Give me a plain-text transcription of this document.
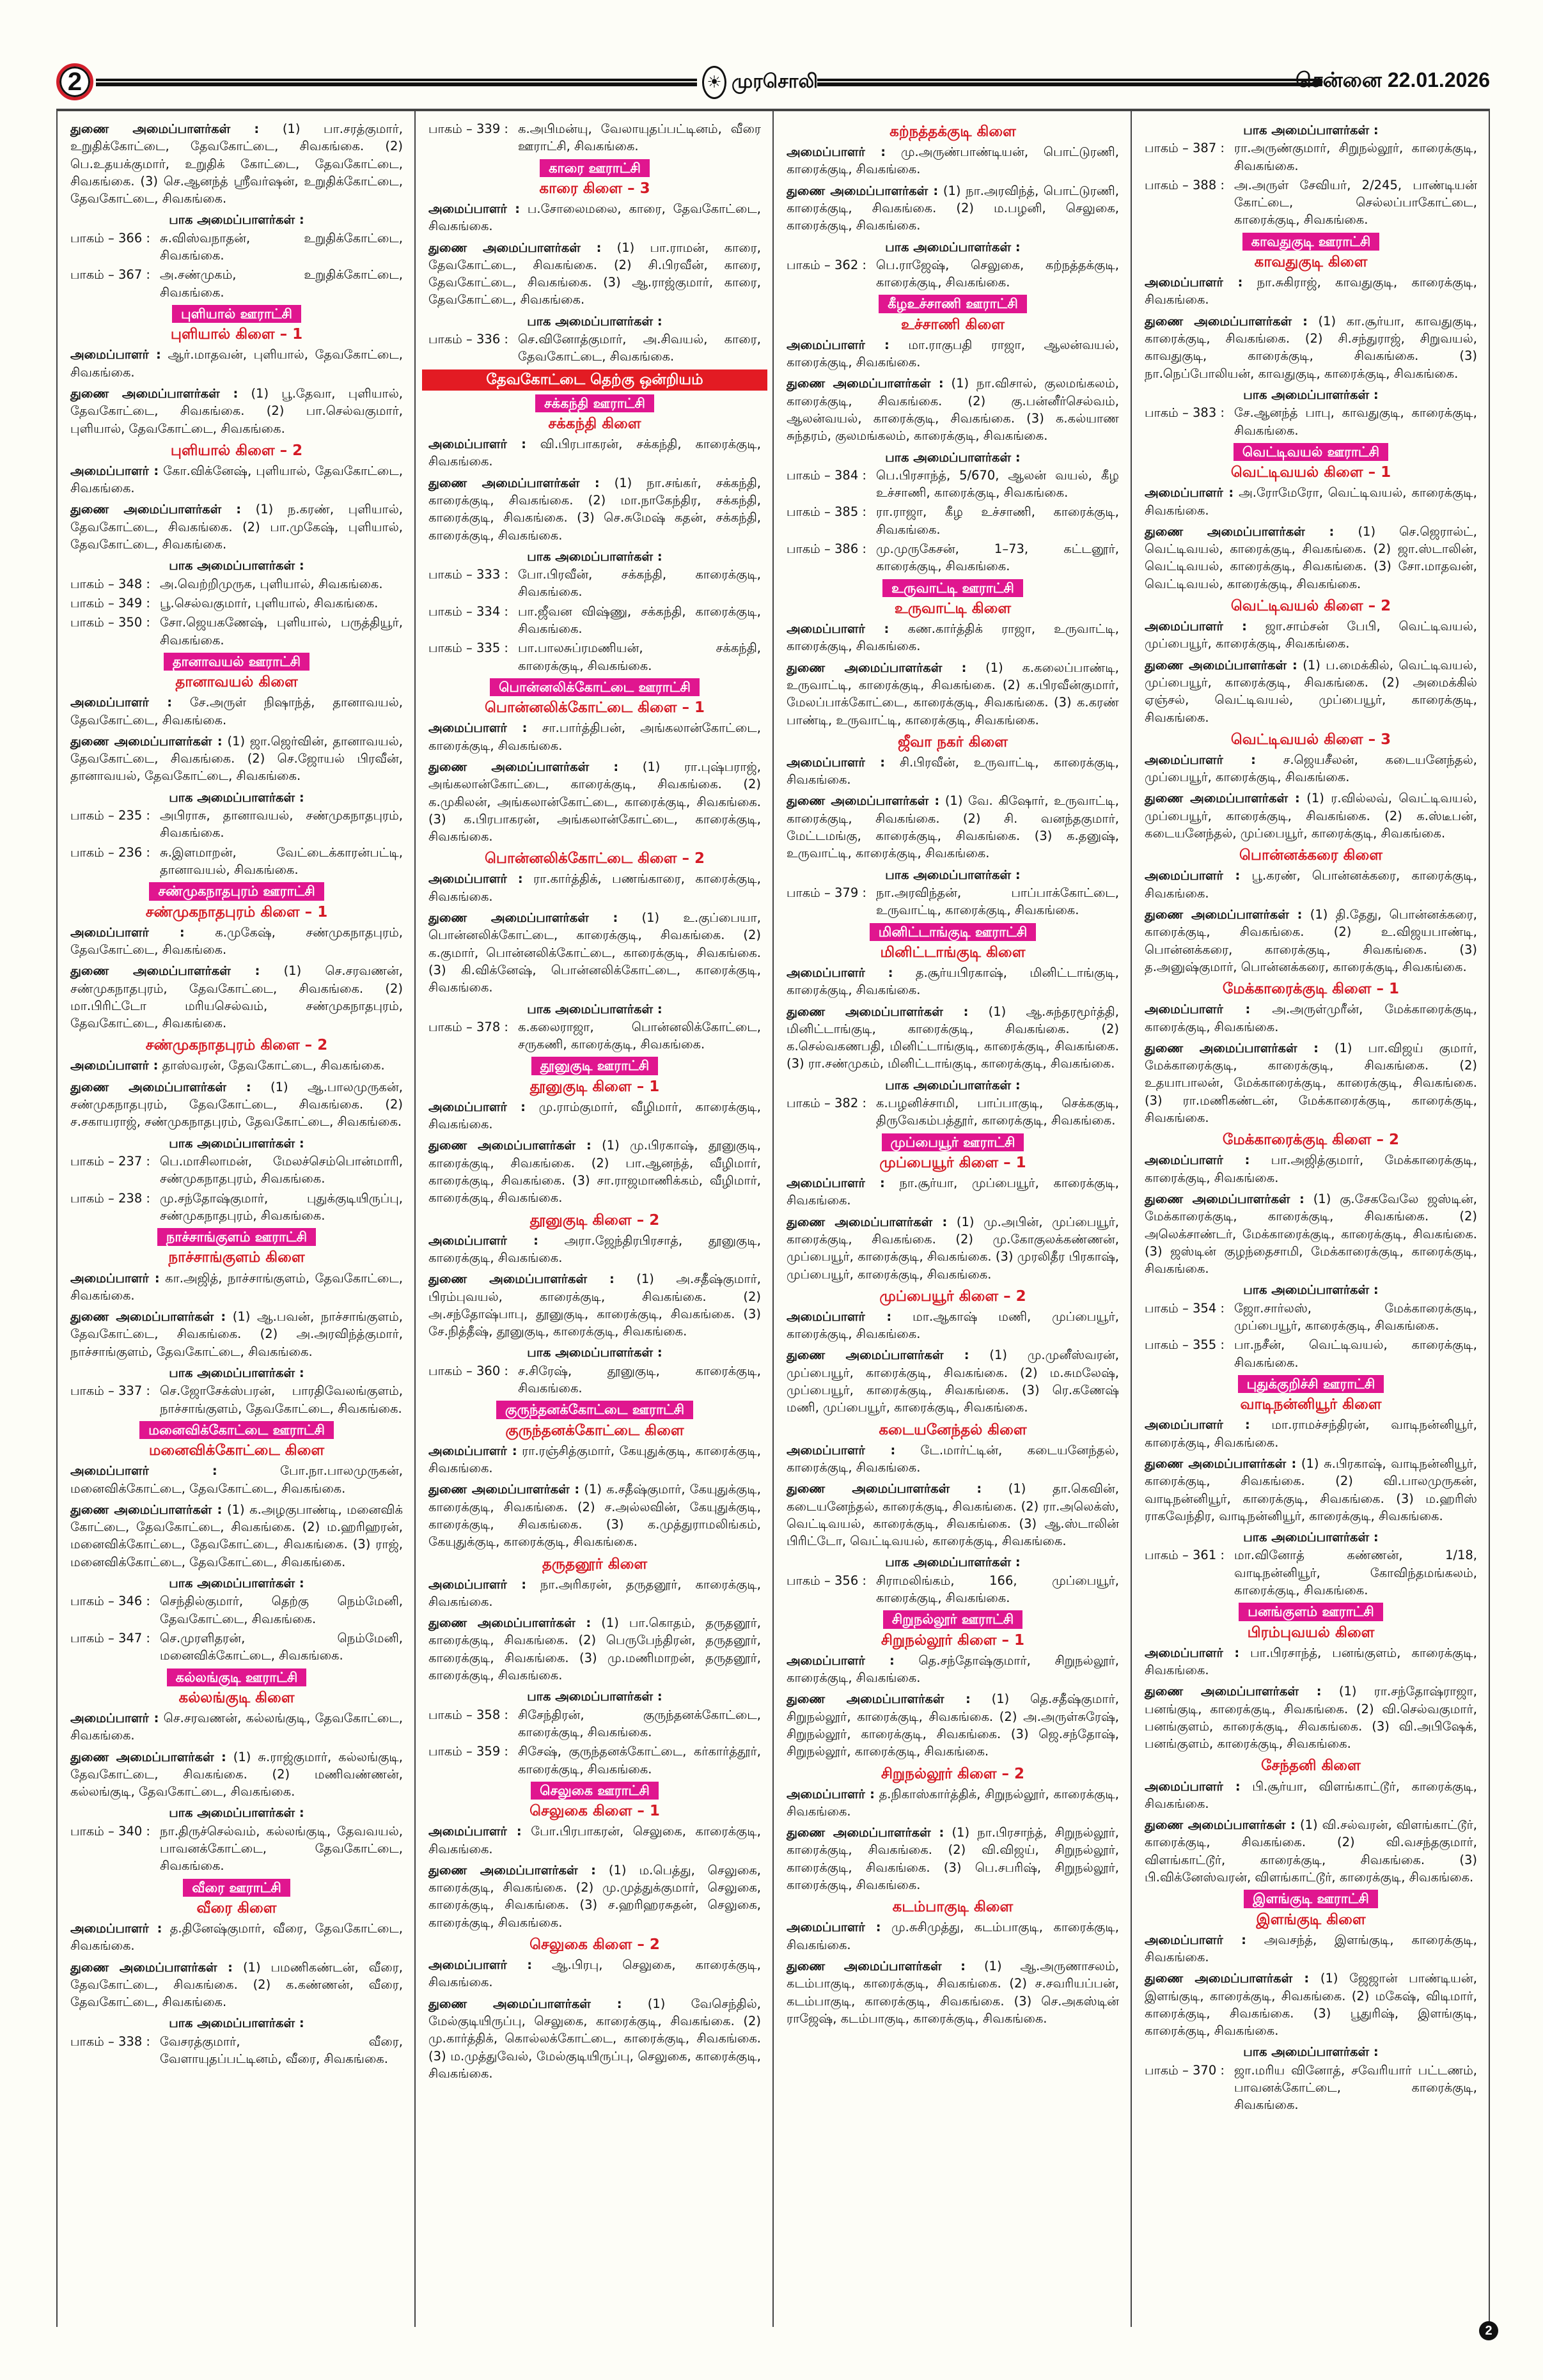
2	☀ முரசொலி	சென்னை 22.01.2026
துணை அமைப்பாளர்கள் : (1) பா.சரத்குமார், உறுதிக்கோட்டை, தேவகோட்டை, சிவகங்கை. (2) பெ.உதயக்குமார், உறுதிக் கோட்டை, தேவகோட்டை, சிவகங்கை. (3) செ.ஆனந்த் ஸ்ரீவர்ஷன், உறுதிக்கோட்டை, தேவகோட்டை, சிவகங்கை.
பாக அமைப்பாளர்கள் :
பாகம் – 366 : சு.விஸ்வநாதன், உறுதிக்கோட்டை, சிவகங்கை.
பாகம் – 367 : அ.சண்முகம், உறுதிக்கோட்டை, சிவகங்கை.
புளியால் ஊராட்சி
புளியால் கிளை – 1
அமைப்பாளர் : ஆர்.மாதவன், புளியால், தேவகோட்டை, சிவகங்கை.
துணை அமைப்பாளர்கள் : (1) பூ.தேவா, புளியால், தேவகோட்டை, சிவகங்கை. (2) பா.செல்வகுமார், புளியால், தேவகோட்டை, சிவகங்கை.
புளியால் கிளை – 2
அமைப்பாளர் : கோ.விக்னேஷ், புளியால், தேவகோட்டை, சிவகங்கை.
துணை அமைப்பாளர்கள் : (1) ந.கரண், புளியால், தேவகோட்டை, சிவகங்கை. (2) பா.முகேஷ், புளியால், தேவகோட்டை, சிவகங்கை.
பாக அமைப்பாளர்கள் :
பாகம் – 348 : அ.வெற்றிமுருக, புளியால், சிவகங்கை.
பாகம் – 349 : பூ.செல்வகுமார், புளியால், சிவகங்கை.
பாகம் – 350 : சோ.ஜெயகணேஷ், புளியால், பருத்தியூர், சிவகங்கை.
தானாவயல் ஊராட்சி
தானாவயல் கிளை
அமைப்பாளர் : சே.அருள் நிஷாந்த், தானாவயல், தேவகோட்டை, சிவகங்கை.
துணை அமைப்பாளர்கள் : (1) ஜா.ஜெர்வின், தானாவயல், தேவகோட்டை, சிவகங்கை. (2) செ.ஜோயல் பிரவீன், தானாவயல், தேவகோட்டை, சிவகங்கை.
பாக அமைப்பாளர்கள் :
பாகம் – 235 : அபிராசு, தானாவயல், சண்முகநாதபுரம், சிவகங்கை.
பாகம் – 236 : சு.இளமாறன், வேட்டைக்காரன்பட்டி, தானாவயல், சிவகங்கை.
சண்முகநாதபுரம் ஊராட்சி
சண்முகநாதபுரம் கிளை – 1
அமைப்பாளர் : க.முகேஷ், சண்முகநாதபுரம், தேவகோட்டை, சிவகங்கை.
துணை அமைப்பாளர்கள் : (1) செ.சரவணன், சண்முகநாதபுரம், தேவகோட்டை, சிவகங்கை. (2) மா.பிரிட்டோ மரியசெல்வம், சண்முகநாதபுரம், தேவகோட்டை, சிவகங்கை.
சண்முகநாதபுரம் கிளை – 2
அமைப்பாளர் : தாஸ்வரன், தேவகோட்டை, சிவகங்கை.
துணை அமைப்பாளர்கள் : (1) ஆ.பாலமுருகன், சண்முகநாதபுரம், தேவகோட்டை, சிவகங்கை. (2) ச.சகாயராஜ், சண்முகநாதபுரம், தேவகோட்டை, சிவகங்கை.
பாக அமைப்பாளர்கள் :
பாகம் – 237 : பெ.மாசிலாமன், மேலச்செம்பொன்மாரி, சண்முகநாதபுரம், சிவகங்கை.
பாகம் – 238 : மு.சந்தோஷ்குமார், புதுக்குடியிருப்பு, சண்முகநாதபுரம், சிவகங்கை.
நாச்சாங்குளம் ஊராட்சி
நாச்சாங்குளம் கிளை
அமைப்பாளர் : கா.அஜித், நாச்சாங்குளம், தேவகோட்டை, சிவகங்கை.
துணை அமைப்பாளர்கள் : (1) ஆ.பவன், நாச்சாங்குளம், தேவகோட்டை, சிவகங்கை. (2) அ.அரவிந்த்குமார், நாச்சாங்குளம், தேவகோட்டை, சிவகங்கை.
பாக அமைப்பாளர்கள் :
பாகம் – 337 : செ.ஜோசேக்ஸ்பரன், பாரதிவேலங்குளம், நாச்சாங்குளம், தேவகோட்டை, சிவகங்கை.
மனைவிக்கோட்டை ஊராட்சி
மனைவிக்கோட்டை கிளை
அமைப்பாளர் :	போ.நா.பாலமுருகன், மனைவிக்கோட்டை, தேவகோட்டை, சிவகங்கை.
துணை அமைப்பாளர்கள் : (1) க.அழகுபாண்டி, மனைவிக் கோட்டை, தேவகோட்டை, சிவகங்கை. (2) ம.ஹரிஹரன், மனைவிக்கோட்டை, தேவகோட்டை, சிவகங்கை. (3) ராஜ், மனைவிக்கோட்டை, தேவகோட்டை, சிவகங்கை.
பாக அமைப்பாளர்கள் :
பாகம் – 346 : செந்தில்குமார், தெற்கு நெம்மேனி, தேவகோட்டை, சிவகங்கை.
பாகம் – 347 : செ.முரளிதரன், நெம்மேனி, மனைவிக்கோட்டை, சிவகங்கை.
கல்லங்குடி ஊராட்சி
கல்லங்குடி கிளை
அமைப்பாளர் : செ.சரவணன், கல்லங்குடி, தேவகோட்டை, சிவகங்கை.
துணை அமைப்பாளர்கள் : (1) சு.ராஜ்குமார், கல்லங்குடி, தேவகோட்டை, சிவகங்கை. (2) மணிவண்ணன், கல்லங்குடி, தேவகோட்டை, சிவகங்கை.
பாக அமைப்பாளர்கள் :
பாகம் – 340 : நா.திருச்செல்வம், கல்லங்குடி, தேவவயல், பாவனக்கோட்டை, தேவகோட்டை, சிவகங்கை.
வீரை ஊராட்சி
வீரை கிளை
அமைப்பாளர் : த.தினேஷ்குமார், வீரை, தேவகோட்டை, சிவகங்கை.
துணை அமைப்பாளர்கள் : (1) பமணிகண்டன், வீரை, தேவகோட்டை, சிவகங்கை. (2) க.கண்ணன், வீரை, தேவகோட்டை, சிவகங்கை.
பாக அமைப்பாளர்கள் :
பாகம் – 338 : வேசரத்குமார், வீரை, வேளாயுதப்பட்டினம், வீரை, சிவகங்கை.
பாகம் – 339 : க.அபிமன்யு, வேலாயுதப்பட்டினம், வீரை ஊராட்சி, சிவகங்கை.
காரை ஊராட்சி
காரை கிளை – 3
அமைப்பாளர் : ப.சோலைமலை, காரை, தேவகோட்டை, சிவகங்கை.
துணை அமைப்பாளர்கள் : (1) பா.ராமன், காரை, தேவகோட்டை, சிவகங்கை. (2) சி.பிரவீன், காரை, தேவகோட்டை, சிவகங்கை. (3) ஆ.ராஜ்குமார், காரை, தேவகோட்டை, சிவகங்கை.
பாக அமைப்பாளர்கள் :
பாகம் – 336 : செ.வினோத்குமார், அ.சிவயல், காரை, தேவகோட்டை, சிவகங்கை.
தேவகோட்டை தெற்கு ஒன்றியம்
சக்கந்தி ஊராட்சி
சக்கந்தி கிளை
அமைப்பாளர் : வி.பிரபாகரன், சக்கந்தி, காரைக்குடி, சிவகங்கை.
துணை அமைப்பாளர்கள் : (1) நா.சங்கர், சக்கந்தி, காரைக்குடி, சிவகங்கை. (2) மா.நாகேந்திர, சக்கந்தி, காரைக்குடி, சிவகங்கை. (3) செ.சுமேஷ் கதன், சக்கந்தி, காரைக்குடி, சிவகங்கை.
பாக அமைப்பாளர்கள் :
பாகம் – 333 : போ.பிரவீன், சக்கந்தி, காரைக்குடி, சிவகங்கை.
பாகம் – 334 : பா.ஜீவன விஷ்ணு, சக்கந்தி, காரைக்குடி, சிவகங்கை.
பாகம் – 335 : பா.பாலசுப்ரமணியன், சக்கந்தி, காரைக்குடி, சிவகங்கை.
பொன்னலிக்கோட்டை ஊராட்சி
பொன்னலிக்கோட்டை கிளை – 1
அமைப்பாளர் : சா.பார்த்திபன், அங்கலான்கோட்டை, காரைக்குடி, சிவகங்கை.
துணை அமைப்பாளர்கள் : (1) ரா.புஷ்பராஜ், அங்கலான்கோட்டை, காரைக்குடி, சிவகங்கை. (2) க.முகிலன், அங்கலான்கோட்டை, காரைக்குடி, சிவகங்கை. (3) க.பிரபாகரன், அங்கலான்கோட்டை, காரைக்குடி, சிவகங்கை.
பொன்னலிக்கோட்டை கிளை – 2
அமைப்பாளர் : ரா.கார்த்திக், பணங்காரை, காரைக்குடி, சிவகங்கை.
துணை அமைப்பாளர்கள் : (1) உ.குப்பையா, பொன்னலிக்கோட்டை, காரைக்குடி, சிவகங்கை. (2) க.குமார், பொன்னலிக்கோட்டை, காரைக்குடி, சிவகங்கை. (3) கி.விக்னேஷ், பொன்னலிக்கோட்டை, காரைக்குடி, சிவகங்கை.
பாக அமைப்பாளர்கள் :
பாகம் – 378 : க.கலைராஜா, பொன்னலிக்கோட்டை, சருகணி, காரைக்குடி, சிவகங்கை.
தூனுகுடி ஊராட்சி
தூனுகுடி கிளை – 1
அமைப்பாளர் : மு.ராம்குமார், வீழிமார், காரைக்குடி, சிவகங்கை.
துணை அமைப்பாளர்கள் : (1) மு.பிரகாஷ், தூனுகுடி, காரைக்குடி, சிவகங்கை. (2) பா.ஆனந்த், வீழிமார், காரைக்குடி, சிவகங்கை. (3) சா.ராஜமாணிக்கம், வீழிமார், காரைக்குடி, சிவகங்கை.
தூனுகுடி கிளை – 2
அமைப்பாளர் : அரா.ஜேந்திரபிரசாத், தூனுகுடி, காரைக்குடி, சிவகங்கை.
துணை அமைப்பாளர்கள் : (1) அ.சதீஷ்குமார், பிரம்புவயல், காரைக்குடி, சிவகங்கை. (2) அ.சந்தோஷ்பாபு, தூனுகுடி, காரைக்குடி, சிவகங்கை. (3) சே.நித்தீஷ், தூனுகுடி, காரைக்குடி, சிவகங்கை.
பாக அமைப்பாளர்கள் :
பாகம் – 360 : ச.சிரேஷ், தூனுகுடி, காரைக்குடி, சிவகங்கை.
குருந்தனக்கோட்டை ஊராட்சி
குருந்தனக்கோட்டை கிளை
அமைப்பாளர் : ரா.ரஞ்சித்குமார், கேயுதுக்குடி, காரைக்குடி, சிவகங்கை.
துணை அமைப்பாளர்கள் : (1) க.சதீஷ்குமார், கேயுதுக்குடி, காரைக்குடி, சிவகங்கை. (2) ச.அல்லவின், கேயுதுக்குடி, காரைக்குடி, சிவகங்கை. (3) க.முத்துராமலிங்கம், கேயுதுக்குடி, காரைக்குடி, சிவகங்கை.
தருதனூர் கிளை
அமைப்பாளர் : நா.அரிகரன், தருதனூர், காரைக்குடி, சிவகங்கை.
துணை அமைப்பாளர்கள் : (1) பா.கொதம், தருதனூர், காரைக்குடி, சிவகங்கை. (2) பெருபேந்திரன், தருதனூர், காரைக்குடி, சிவகங்கை. (3) மு.மணிமாறன், தருதனூர், காரைக்குடி, சிவகங்கை.
பாக அமைப்பாளர்கள் :
பாகம் – 358 : சிசேந்திரன், குருந்தனக்கோட்டை, காரைக்குடி, சிவகங்கை.
பாகம் – 359 : சிசேஷ், குருந்தனக்கோட்டை, கர்கார்த்தூர், காரைக்குடி, சிவகங்கை.
செலுகை ஊராட்சி
செலுகை கிளை – 1
அமைப்பாளர் : போ.பிரபாகரன், செலுகை, காரைக்குடி, சிவகங்கை.
துணை அமைப்பாளர்கள் : (1) ம.பெத்து, செலுகை, காரைக்குடி, சிவகங்கை. (2) மு.முத்துக்குமார், செலுகை, காரைக்குடி, சிவகங்கை. (3) ச.ஹரிஹரசுதன், செலுகை, காரைக்குடி, சிவகங்கை.
செலுகை கிளை – 2
அமைப்பாளர் : ஆ.பிரபு, செலுகை, காரைக்குடி, சிவகங்கை.
துணை அமைப்பாளர்கள் : (1) வேசெந்தில், மேல்குடியிருப்பு, செலுகை, காரைக்குடி, சிவகங்கை. (2) மு.கார்த்திக், கொல்லக்கோட்டை, காரைக்குடி, சிவகங்கை. (3) ம.முத்துவேல், மேல்குடியிருப்பு, செலுகை, காரைக்குடி, சிவகங்கை.
கற்நத்தக்குடி கிளை
அமைப்பாளர் : மு.அருண்பாண்டியன், பொட்டுரணி, காரைக்குடி, சிவகங்கை.
துணை அமைப்பாளர்கள் : (1) நா.அரவிந்த், பொட்டுரணி, காரைக்குடி, சிவகங்கை. (2) ம.பழனி, செலுகை, காரைக்குடி, சிவகங்கை.
பாக அமைப்பாளர்கள் :
பாகம் – 362 : பெ.ராஜேஷ், செலுகை, கற்நத்தக்குடி, காரைக்குடி, சிவகங்கை.
கீழஉச்சாணி ஊராட்சி
உச்சாணி கிளை
அமைப்பாளர் : மா.ராகுபதி ராஜா, ஆலன்வயல், காரைக்குடி, சிவகங்கை.
துணை அமைப்பாளர்கள் : (1) நா.விசால், குலமங்கலம், காரைக்குடி, சிவகங்கை. (2) கு.பன்னீர்செல்வம், ஆலன்வயல், காரைக்குடி, சிவகங்கை. (3) க.கல்யாண சுந்தரம், குலமங்கலம், காரைக்குடி, சிவகங்கை.
பாக அமைப்பாளர்கள் :
பாகம் – 384 : பெ.பிரசாந்த், 5/670, ஆலன் வயல், கீழ உச்சாணி, காரைக்குடி, சிவகங்கை.
பாகம் – 385 : ரா.ராஜா, கீழ உச்சாணி, காரைக்குடி, சிவகங்கை.
பாகம் – 386 : மு.முருகேசன், 1–73, கட்டனூர், காரைக்குடி, சிவகங்கை.
உருவாட்டி ஊராட்சி
உருவாட்டி கிளை
அமைப்பாளர் : கண.கார்த்திக் ராஜா, உருவாட்டி, காரைக்குடி, சிவகங்கை.
துணை அமைப்பாளர்கள் : (1) க.கலைப்பாண்டி, உருவாட்டி, காரைக்குடி, சிவகங்கை. (2) க.பிரவீன்குமார், மேலப்பாக்கோட்டை, காரைக்குடி, சிவகங்கை. (3) க.கரண் பாண்டி, உருவாட்டி, காரைக்குடி, சிவகங்கை.
ஜீவா நகர் கிளை
அமைப்பாளர் : சி.பிரவீன், உருவாட்டி, காரைக்குடி, சிவகங்கை.
துணை அமைப்பாளர்கள் : (1) வே. கிஷோர், உருவாட்டி, காரைக்குடி, சிவகங்கை. (2) சி. வனந்தகுமார், மேட்டமங்கு, காரைக்குடி, சிவகங்கை. (3) க.தனுஷ், உருவாட்டி, காரைக்குடி, சிவகங்கை.
பாக அமைப்பாளர்கள் :
பாகம் – 379 : நா.அரவிந்தன், பாப்பாக்கோட்டை, உருவாட்டி, காரைக்குடி, சிவகங்கை.
மினிட்டாங்குடி ஊராட்சி
மினிட்டாங்குடி கிளை
அமைப்பாளர் : த.சூர்யபிரகாஷ், மினிட்டாங்குடி, காரைக்குடி, சிவகங்கை.
துணை அமைப்பாளர்கள் : (1) ஆ.சுந்தரமூர்த்தி, மினிட்டாங்குடி, காரைக்குடி, சிவகங்கை. (2) க.செல்வகணபதி, மினிட்டாங்குடி, காரைக்குடி, சிவகங்கை. (3) ரா.சண்முகம், மினிட்டாங்குடி, காரைக்குடி, சிவகங்கை.
பாக அமைப்பாளர்கள் :
பாகம் – 382 : க.பழனிச்சாமி, பாப்பாகுடி, செக்ககுடி, திருவேகம்பத்தூர், காரைக்குடி, சிவகங்கை.
முப்பையூர் ஊராட்சி
முப்பையூர் கிளை – 1
அமைப்பாளர் : நா.சூர்யா, முப்பையூர், காரைக்குடி, சிவகங்கை.
துணை அமைப்பாளர்கள் : (1) மு.அபின், முப்பையூர், காரைக்குடி, சிவகங்கை. (2) மு.கோகுலக்கண்ணன், முப்பையூர், காரைக்குடி, சிவகங்கை. (3) முரலிதீர பிரகாஷ், முப்பையூர், காரைக்குடி, சிவகங்கை.
முப்பையூர் கிளை – 2
அமைப்பாளர் : மா.ஆகாஷ் மணி, முப்பையூர், காரைக்குடி, சிவகங்கை.
துணை அமைப்பாளர்கள் : (1) மு.முனீஸ்வரன், முப்பையூர், காரைக்குடி, சிவகங்கை. (2) ம.சுமலேஷ், முப்பையூர், காரைக்குடி, சிவகங்கை. (3) ரெ.கணேஷ் மணி, முப்பையூர், காரைக்குடி, சிவகங்கை.
கடையனேந்தல் கிளை
அமைப்பாளர் : டே.மார்ட்டின், கடையனேந்தல், காரைக்குடி, சிவகங்கை.
துணை அமைப்பாளர்கள் : (1) தா.கெவின், கடையனேந்தல், காரைக்குடி, சிவகங்கை. (2) ரா.அலெக்ஸ், வெட்டிவயல், காரைக்குடி, சிவகங்கை. (3) ஆ.ஸ்டாலின் பிரிட்டோ, வெட்டிவயல், காரைக்குடி, சிவகங்கை.
பாக அமைப்பாளர்கள் :
பாகம் – 356 : சிராமலிங்கம், 166, முப்பையூர், காரைக்குடி, சிவகங்கை.
சிறுநல்லூர் ஊராட்சி
சிறுநல்லூர் கிளை – 1
அமைப்பாளர் : தெ.சந்தோஷ்குமார், சிறுநல்லூர், காரைக்குடி, சிவகங்கை.
துணை அமைப்பாளர்கள் : (1) தெ.சதீஷ்குமார், சிறுநல்லூர், காரைக்குடி, சிவகங்கை. (2) அ.அருள்சுரேஷ், சிறுநல்லூர், காரைக்குடி, சிவகங்கை. (3) ஜெ.சந்தோஷ், சிறுநல்லூர், காரைக்குடி, சிவகங்கை.
சிறுநல்லூர் கிளை – 2
அமைப்பாளர் : த.நிகாஸ்கார்த்திக், சிறுநல்லூர், காரைக்குடி, சிவகங்கை.
துணை அமைப்பாளர்கள் : (1) நா.பிரசாந்த், சிறுநல்லூர், காரைக்குடி, சிவகங்கை. (2) வி.விஜய், சிறுநல்லூர், காரைக்குடி, சிவகங்கை. (3) பெ.சபரிஷ், சிறுநல்லூர், காரைக்குடி, சிவகங்கை.
கடம்பாகுடி கிளை
அமைப்பாளர் : மு.சுசிமுத்து, கடம்பாகுடி, காரைக்குடி, சிவகங்கை.
துணை அமைப்பாளர்கள் : (1) ஆ.அருணாசலம், கடம்பாகுடி, காரைக்குடி, சிவகங்கை. (2) ச.சவரியப்பன், கடம்பாகுடி, காரைக்குடி, சிவகங்கை. (3) செ.அகஸ்டின் ராஜேஷ், கடம்பாகுடி, காரைக்குடி, சிவகங்கை.
பாக அமைப்பாளர்கள் :
பாகம் – 387 : ரா.அருண்குமார், சிறுநல்லூர், காரைக்குடி, சிவகங்கை.
பாகம் – 388 : அ.அருள் சேவியர், 2/245, பாண்டியன் கோட்டை, செல்லப்பாகோட்டை, காரைக்குடி, சிவகங்கை.
காவதுகுடி ஊராட்சி
காவதுகுடி கிளை
அமைப்பாளர் : நா.சுகிராஜ், காவதுகுடி, காரைக்குடி, சிவகங்கை.
துணை அமைப்பாளர்கள் : (1) கா.சூர்யா, காவதுகுடி, காரைக்குடி, சிவகங்கை. (2) சி.சந்துராஜ், சிறுவயல், காவதுகுடி, காரைக்குடி, சிவகங்கை. (3) நா.நெப்போலியன், காவதுகுடி, காரைக்குடி, சிவகங்கை.
பாக அமைப்பாளர்கள் :
பாகம் – 383 : சே.ஆனந்த் பாபு, காவதுகுடி, காரைக்குடி, சிவகங்கை.
வெட்டிவயல் ஊராட்சி
வெட்டிவயல் கிளை – 1
அமைப்பாளர் : அ.ரோமேரோ, வெட்டிவயல், காரைக்குடி, சிவகங்கை.
துணை அமைப்பாளர்கள் : (1) செ.ஜெரால்ட், வெட்டிவயல், காரைக்குடி, சிவகங்கை. (2) ஜா.ஸ்டாலின், வெட்டிவயல், காரைக்குடி, சிவகங்கை. (3) சோ.மாதவன், வெட்டிவயல், காரைக்குடி, சிவகங்கை.
வெட்டிவயல் கிளை – 2
அமைப்பாளர் : ஜா.சாம்சன் பேபி, வெட்டிவயல், முப்பையூர், காரைக்குடி, சிவகங்கை.
துணை அமைப்பாளர்கள் : (1) ப.மைக்கில், வெட்டிவயல், முப்பையூர், காரைக்குடி, சிவகங்கை. (2) அமைக்கில் ஏஞ்சல், வெட்டிவயல், முப்பையூர், காரைக்குடி, சிவகங்கை.
வெட்டிவயல் கிளை – 3
அமைப்பாளர் : ச.ஜெயசீலன், கடையனேந்தல், முப்பையூர், காரைக்குடி, சிவகங்கை.
துணை அமைப்பாளர்கள் : (1) ர.வில்லவ், வெட்டிவயல், முப்பையூர், காரைக்குடி, சிவகங்கை. (2) க.ஸ்டீபன், கடையனேந்தல், முப்பையூர், காரைக்குடி, சிவகங்கை.
பொன்னக்கரை கிளை
அமைப்பாளர் : பூ.கரண், பொன்னக்கரை, காரைக்குடி, சிவகங்கை.
துணை அமைப்பாளர்கள் : (1) தி.தேது, பொன்னக்கரை, காரைக்குடி, சிவகங்கை. (2) உ.விஜயபாண்டி, பொன்னக்கரை, காரைக்குடி, சிவகங்கை. (3) த.அனுஷ்குமார், பொன்னக்கரை, காரைக்குடி, சிவகங்கை.
மேக்காரைக்குடி கிளை – 1
அமைப்பாளர் : அ.அருள்முரீன், மேக்காரைக்குடி, காரைக்குடி, சிவகங்கை.
துணை அமைப்பாளர்கள் : (1) பா.விஜய் குமார், மேக்காரைக்குடி, காரைக்குடி, சிவகங்கை. (2) உதயாபாலன், மேக்காரைக்குடி, காரைக்குடி, சிவகங்கை. (3) ரா.மணிகண்டன், மேக்காரைக்குடி, காரைக்குடி, சிவகங்கை.
மேக்காரைக்குடி கிளை – 2
அமைப்பாளர் : பா.அஜித்குமார், மேக்காரைக்குடி, காரைக்குடி, சிவகங்கை.
துணை அமைப்பாளர்கள் : (1) கு.சேகவேலே ஜஸ்டின், மேக்காரைக்குடி, காரைக்குடி, சிவகங்கை. (2) அலெக்சாண்டர், மேக்காரைக்குடி, காரைக்குடி, சிவகங்கை. (3) ஜஸ்டின் குழந்தைசாமி, மேக்காரைக்குடி, காரைக்குடி, சிவகங்கை.
பாக அமைப்பாளர்கள் :
பாகம் – 354 : ஜோ.சார்லஸ், மேக்காரைக்குடி, முப்பையூர், காரைக்குடி, சிவகங்கை.
பாகம் – 355 : பா.நசீன், வெட்டிவயல், காரைக்குடி, சிவகங்கை.
புதுக்குறிச்சி ஊராட்சி
வாடிநன்னியூர் கிளை
அமைப்பாளர் : மா.ராமச்சந்திரன், வாடிநன்னியூர், காரைக்குடி, சிவகங்கை.
துணை அமைப்பாளர்கள் : (1) சு.பிரகாஷ், வாடிநன்னியூர், காரைக்குடி, சிவகங்கை. (2) வி.பாலமுருகன், வாடிநன்னியூர், காரைக்குடி, சிவகங்கை. (3) ம.ஹரிஸ் ராகவேந்திர, வாடிநன்னியூர், காரைக்குடி, சிவகங்கை.
பாக அமைப்பாளர்கள் :
பாகம் – 361 : மா.வினோத் கண்ணன், 1/18, வாடிநன்னியூர், கோவிந்தமங்கலம், காரைக்குடி, சிவகங்கை.
பனங்குளம் ஊராட்சி
பிரம்புவயல் கிளை
அமைப்பாளர் : பா.பிரசாந்த், பனங்குளம், காரைக்குடி, சிவகங்கை.
துணை அமைப்பாளர்கள் : (1) ரா.சந்தோஷ்ராஜா, பனங்குடி, காரைக்குடி, சிவகங்கை. (2) வி.செல்வகுமார், பனங்குளம், காரைக்குடி, சிவகங்கை. (3) வி.அபிஷேக், பனங்குளம், காரைக்குடி, சிவகங்கை.
சேந்தனி கிளை
அமைப்பாளர் : பி.சூர்யா, விளங்காட்டூர், காரைக்குடி, சிவகங்கை.
துணை அமைப்பாளர்கள் : (1) வி.சல்வரன், விளங்காட்டூர், காரைக்குடி, சிவகங்கை. (2) வி.வசந்தகுமார், விளங்காட்டூர், காரைக்குடி, சிவகங்கை. (3) பி.விக்னேஸ்வரன், விளங்காட்டூர், காரைக்குடி, சிவகங்கை.
இளங்குடி ஊராட்சி
இளங்குடி கிளை
அமைப்பாளர் : அவசந்த், இளங்குடி, காரைக்குடி, சிவகங்கை.
துணை அமைப்பாளர்கள் : (1) ஜேஜான் பாண்டியன், இளங்குடி, காரைக்குடி, சிவகங்கை. (2) மகேஷ், விடிமார், காரைக்குடி, சிவகங்கை. (3) பூதுரிஷ், இளங்குடி, காரைக்குடி, சிவகங்கை.
பாக அமைப்பாளர்கள் :
பாகம் – 370 : ஜா.மரிய வினோத், சவேரியார் பட்டணம், பாவனக்கோட்டை, காரைக்குடி, சிவகங்கை.
2
